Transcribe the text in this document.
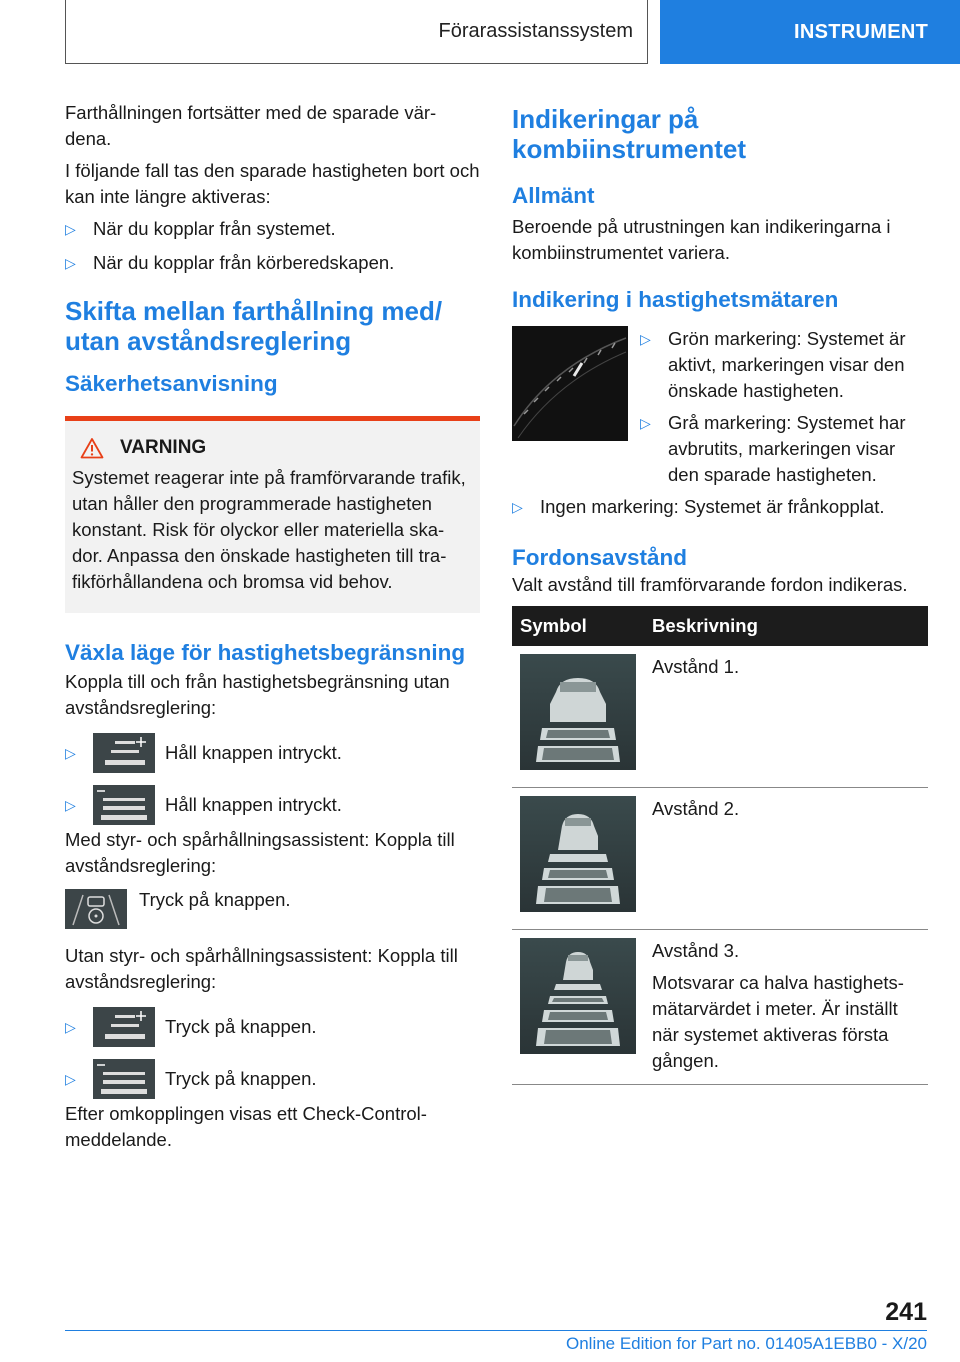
Förarassistanssystem	INSTRUMENT

Farthållningen fortsätter med de sparade vär-dena.

I följande fall tas den sparade hastigheten bort och kan inte längre aktiveras:

▷ När du kopplar från systemet.
▷ När du kopplar från körberedskapen.
Skifta mellan farthållning med/ utan avståndsreglering
Säkerhetsanvisning
VARNING

Systemet reagerar inte på framförvarande trafik, utan håller den programmerade hastigheten konstant. Risk för olyckor eller materiella ska-dor. Anpassa den önskade hastigheten till tra-fikförhållandena och bromsa vid behov.

Växla läge för hastighetsbegränsning

Koppla till och från hastighetsbegränsning utan avståndsreglering:

▷	Håll knappen intryckt.
▷	Håll knappen intryckt.

Med styr- och spårhållningsassistent: Koppla till avståndsreglering:

Tryck på knappen.

Utan styr- och spårhållningsassistent: Koppla till avståndsreglering:

▷	Tryck på knappen.
▷	Tryck på knappen.

Efter omkopplingen visas ett Check-Control-meddelande.

Indikeringar på kombiinstrumentet
Allmänt

Beroende på utrustningen kan indikeringarna i kombiinstrumentet variera.

Indikering i hastighetsmätaren
▷ Grön markering: Systemet är aktivt, markeringen visar den önskade hastigheten.
▷ Grå markering: Systemet har avbrutits, markeringen visar den sparade hastigheten.
▷ Ingen markering: Systemet är frånkopplat.
Fordonsavstånd

Valt avstånd till framförvarande fordon indikeras.

Symbol	Beskrivning

Avstånd 1.

Avstånd 2.

Avstånd 3.

Motsvarar ca halva hastighets-mätarvärdet i meter. Är inställt när systemet aktiveras första gången.

241
Online Edition for Part no. 01405A1EBB0 - X/20
